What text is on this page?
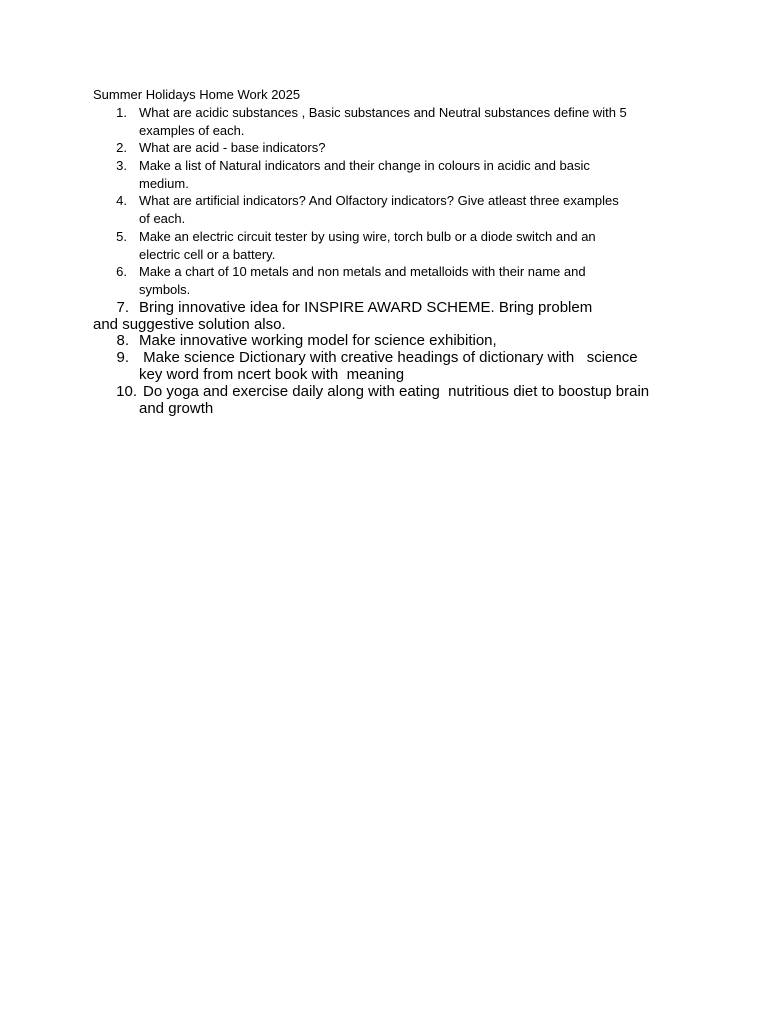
Summer Holidays Home Work 2025
1. What are acidic substances , Basic substances and Neutral substances define with 5
examples of each.
2. What are acid - base indicators?
3. Make a list of Natural indicators and their change in colours in acidic and basic
medium.
4. What are artificial indicators? And Olfactory indicators? Give atleast three examples
of each.
5. Make an electric circuit tester by using wire, torch bulb or a diode switch and an
electric cell or a battery.
6. Make a chart of 10 metals and non metals and metalloids with their name and
symbols.
7. Bring innovative idea for INSPIRE AWARD SCHEME. Bring problem
and suggestive solution also.
8. Make innovative working model for science exhibition,
9. Make science Dictionary with creative headings of dictionary with   science
key word from ncert book with  meaning
10. Do yoga and exercise daily along with eating  nutritious diet to boostup brain
and growth
